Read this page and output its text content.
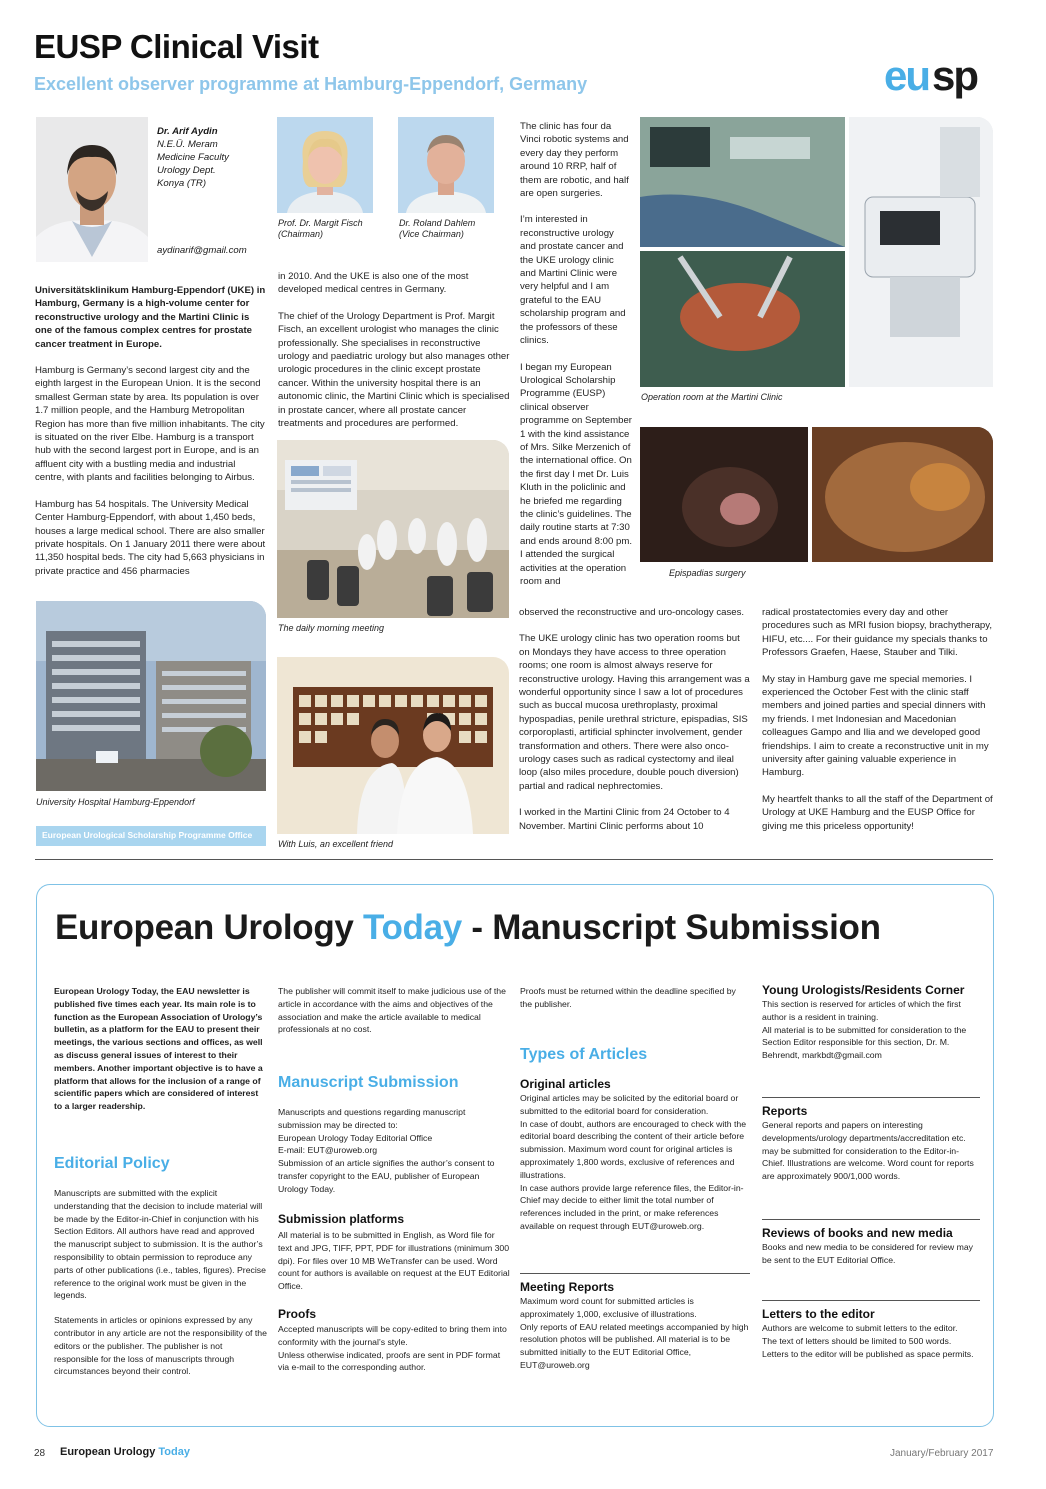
EUSP Clinical Visit
Excellent observer programme at Hamburg-Eppendorf, Germany	eu sp
Dr. Arif Aydin
N.E.Ü. Meram
Medicine Faculty
Urology Dept.
Konya (TR)
aydinarif@gmail.com
Prof. Dr. Margit Fisch
(Chairman)
Dr. Roland Dahlem
(Vice Chairman)

Universitätsklinikum Hamburg-Eppendorf (UKE) in Hamburg, Germany is a high-volume center for reconstructive urology and the Martini Clinic is one of the famous complex centres for prostate cancer treatment in Europe.

Hamburg is Germany’s second largest city and the eighth largest in the European Union. It is the second smallest German state by area. Its population is over 1.7 million people, and the Hamburg Metropolitan Region has more than five million inhabitants. The city is situated on the river Elbe. Hamburg is a transport hub with the second largest port in Europe, and is an affluent city with a bustling media and industrial centre, with plants and facilities belonging to Airbus.

Hamburg has 54 hospitals. The University Medical Center Hamburg-Eppendorf, with about 1,450 beds, houses a large medical school. There are also smaller private hospitals. On 1 January 2011 there were about 11,350 hospital beds. The city had 5,663 physicians in private practice and 456 pharmacies

University Hospital Hamburg-Eppendorf
European Urological Scholarship Programme Office

in 2010. And the UKE is also one of the most developed medical centres in Germany.

The chief of the Urology Department is Prof. Margit Fisch, an excellent urologist who manages the clinic professionally. She specialises in reconstructive urology and paediatric urology but also manages other urologic procedures in the clinic except prostate cancer. Within the university hospital there is an autonomic clinic, the Martini Clinic which is specialised in prostate cancer, where all prostate cancer treatments and procedures are performed.

The daily morning meeting
With Luis, an excellent friend

The clinic has four da Vinci robotic systems and every day they perform around 10 RRP, half of them are robotic, and half are open surgeries.

I’m interested in reconstructive urology and prostate cancer and the UKE urology clinic and Martini Clinic were very helpful and I am grateful to the EAU scholarship program and the professors of these clinics.

I began my European Urological Scholarship Programme (EUSP) clinical observer programme on September 1 with the kind assistance of Mrs. Silke Merzenich of the international office. On the first day I met Dr. Luis Kluth in the policlinic and he briefed me regarding the clinic’s guidelines. The daily routine starts at 7:30 and ends around 8:00 pm. I attended the surgical activities at the operation room and

Operation room at the Martini Clinic
Epispadias surgery

observed the reconstructive and uro-oncology cases.

The UKE urology clinic has two operation rooms but on Mondays they have access to three operation rooms; one room is almost always reserve for reconstructive urology. Having this arrangement was a wonderful opportunity since I saw a lot of procedures such as buccal mucosa urethroplasty, proximal hypospadias, penile urethral stricture, epispadias, SIS corporoplasti, artificial sphincter involvement, gender transformation and others. There were also onco-urology cases such as radical cystectomy and ileal loop (also miles procedure, double pouch diversion) partial and radical nephrectomies.

I worked in the Martini Clinic from 24 October to 4 November. Martini Clinic performs about 10

radical prostatectomies every day and other procedures such as MRI fusion biopsy, brachytherapy, HIFU, etc.... For their guidance my specials thanks to Professors Graefen, Haese, Stauber and Tilki.

My stay in Hamburg gave me special memories. I experienced the October Fest with the clinic staff members and joined parties and special dinners with my friends. I met Indonesian and Macedonian colleagues Gampo and Ilia and we developed good friendships. I aim to create a reconstructive unit in my university after gaining valuable experience in Hamburg.

My heartfelt thanks to all the staff of the Department of Urology at UKE Hamburg and the EUSP Office for giving me this priceless opportunity!

European Urology Today - Manuscript Submission
European Urology Today, the EAU newsletter is published five times each year. Its main role is to function as the European Association of Urology’s bulletin, as a platform for the EAU to present their meetings, the various sections and offices, as well as discuss general issues of interest to their members. Another important objective is to have a platform that allows for the inclusion of a range of scientific papers which are considered of interest to a larger readership.
Editorial Policy

Manuscripts are submitted with the explicit understanding that the decision to include material will be made by the Editor-in-Chief in conjunction with his Section Editors. All authors have read and approved the manuscript subject to submission. It is the author’s responsibility to obtain permission to reproduce any parts of other publications (i.e., tables, figures). Precise reference to the original work must be given in the legends.

Statements in articles or opinions expressed by any contributor in any article are not the responsibility of the editors or the publisher. The publisher is not responsible for the loss of manuscripts through circumstances beyond their control.

The publisher will commit itself to make judicious use of the article in accordance with the aims and objectives of the association and make the article available to medical professionals at no cost.
Manuscript Submission
Manuscripts and questions regarding manuscript submission may be directed to:
European Urology Today Editorial Office
E-mail: EUT@uroweb.org
Submission of an article signifies the author’s consent to transfer copyright to the EAU, publisher of European Urology Today.
Submission platforms
All material is to be submitted in English, as Word file for text and JPG, TIFF, PPT, PDF for illustrations (minimum 300 dpi). For files over 10 MB WeTransfer can be used. Word count for authors is available on request at the EUT Editorial Office.
Proofs
Accepted manuscripts will be copy-edited to bring them into conformity with the journal’s style.
Unless otherwise indicated, proofs are sent in PDF format via e-mail to the corresponding author.
Proofs must be returned within the deadline specified by the publisher.
Types of Articles
Original articles
Original articles may be solicited by the editorial board or submitted to the editorial board for consideration.
In case of doubt, authors are encouraged to check with the editorial board describing the content of their article before submission. Maximum word count for original articles is approximately 1,800 words, exclusive of references and illustrations.
In case authors provide large reference files, the Editor-in-Chief may decide to either limit the total number of references included in the print, or make references available on request through EUT@uroweb.org.
Meeting Reports
Maximum word count for submitted articles is approximately 1,000, exclusive of illustrations.
Only reports of EAU related meetings accompanied by high resolution photos will be published. All material is to be submitted initially to the EUT Editorial Office, EUT@uroweb.org
Young Urologists/Residents Corner
This section is reserved for articles of which the first author is a resident in training.
All material is to be submitted for consideration to the Section Editor responsible for this section, Dr. M. Behrendt, markbdt@gmail.com
Reports
General reports and papers on interesting developments/urology departments/accreditation etc. may be submitted for consideration to the Editor-in-Chief. Illustrations are welcome. Word count for reports are approximately 900/1,000 words.
Reviews of books and new media
Books and new media to be considered for review may be sent to the EUT Editorial Office.
Letters to the editor
Authors are welcome to submit letters to the editor. The text of letters should be limited to 500 words. Letters to the editor will be published as space permits.
28 European Urology Today	January/February 2017
